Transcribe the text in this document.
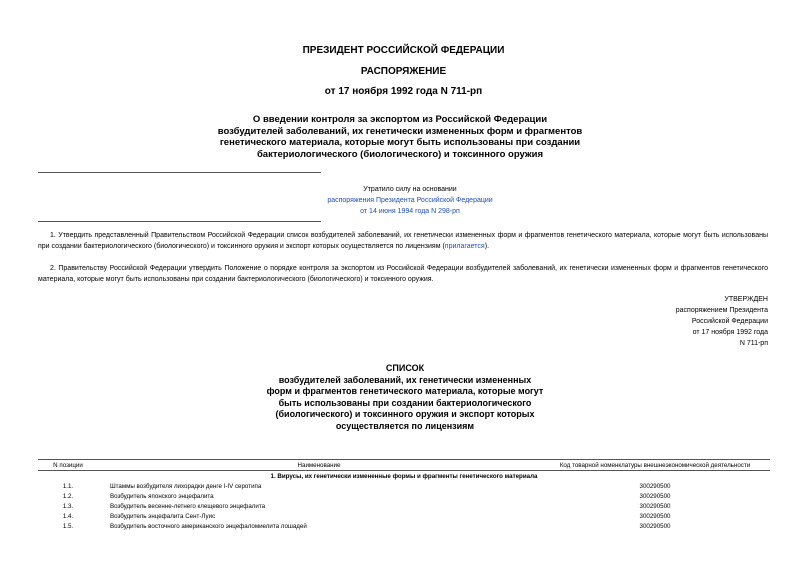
ПРЕЗИДЕНТ РОССИЙСКОЙ ФЕДЕРАЦИИ
РАСПОРЯЖЕНИЕ
от 17 ноября 1992 года N 711-рп
О введении контроля за экспортом из Российской Федерации
возбудителей заболеваний, их генетически измененных форм и фрагментов
генетического материала, которые могут быть использованы при создании
бактериологического (биологического) и токсинного оружия
Утратило силу на основании
распоряжения Президента Российской Федерации
от 14 июня 1994 года N 298-рп
1. Утвердить представленный Правительством Российской Федерации список возбудителей заболеваний, их генетически измененных форм и фрагментов генетического материала, которые могут быть использованы при создании бактериологического (биологического) и токсинного оружия и экспорт которых осуществляется по лицензиям (прилагается).
2. Правительству Российской Федерации утвердить Положение о порядке контроля за экспортом из Российской Федерации возбудителей заболеваний, их генетически измененных форм и фрагментов генетического материала, которые могут быть использованы при создании бактериологического (биологического) и токсинного оружия.
УТВЕРЖДЕН
распоряжением Президента
Российской Федерации
от 17 ноября 1992 года
N 711-рп
СПИСОК
возбудителей заболеваний, их генетически измененных
форм и фрагментов генетического материала, которые могут
быть использованы при создании бактериологического
(биологического) и токсинного оружия и экспорт которых
осуществляется по лицензиям
N позиции	Наименование	Код товарной номенклатуры внешнеэкономической деятельности
1. Вирусы, их генетически измененные формы и фрагменты генетического материала		
1.1.	Штаммы возбудителя лихорадки денге I-IV серотипа	300290500
1.2.	Возбудитель японского энцефалита	300290500
1.3.	Возбудитель весенне-летнего клещевого энцефалита	300290500
1.4.	Возбудитель энцефалита Сент-Луис	300290500
1.5.	Возбудитель восточного американского энцефаломиелита лошадей	300290500
